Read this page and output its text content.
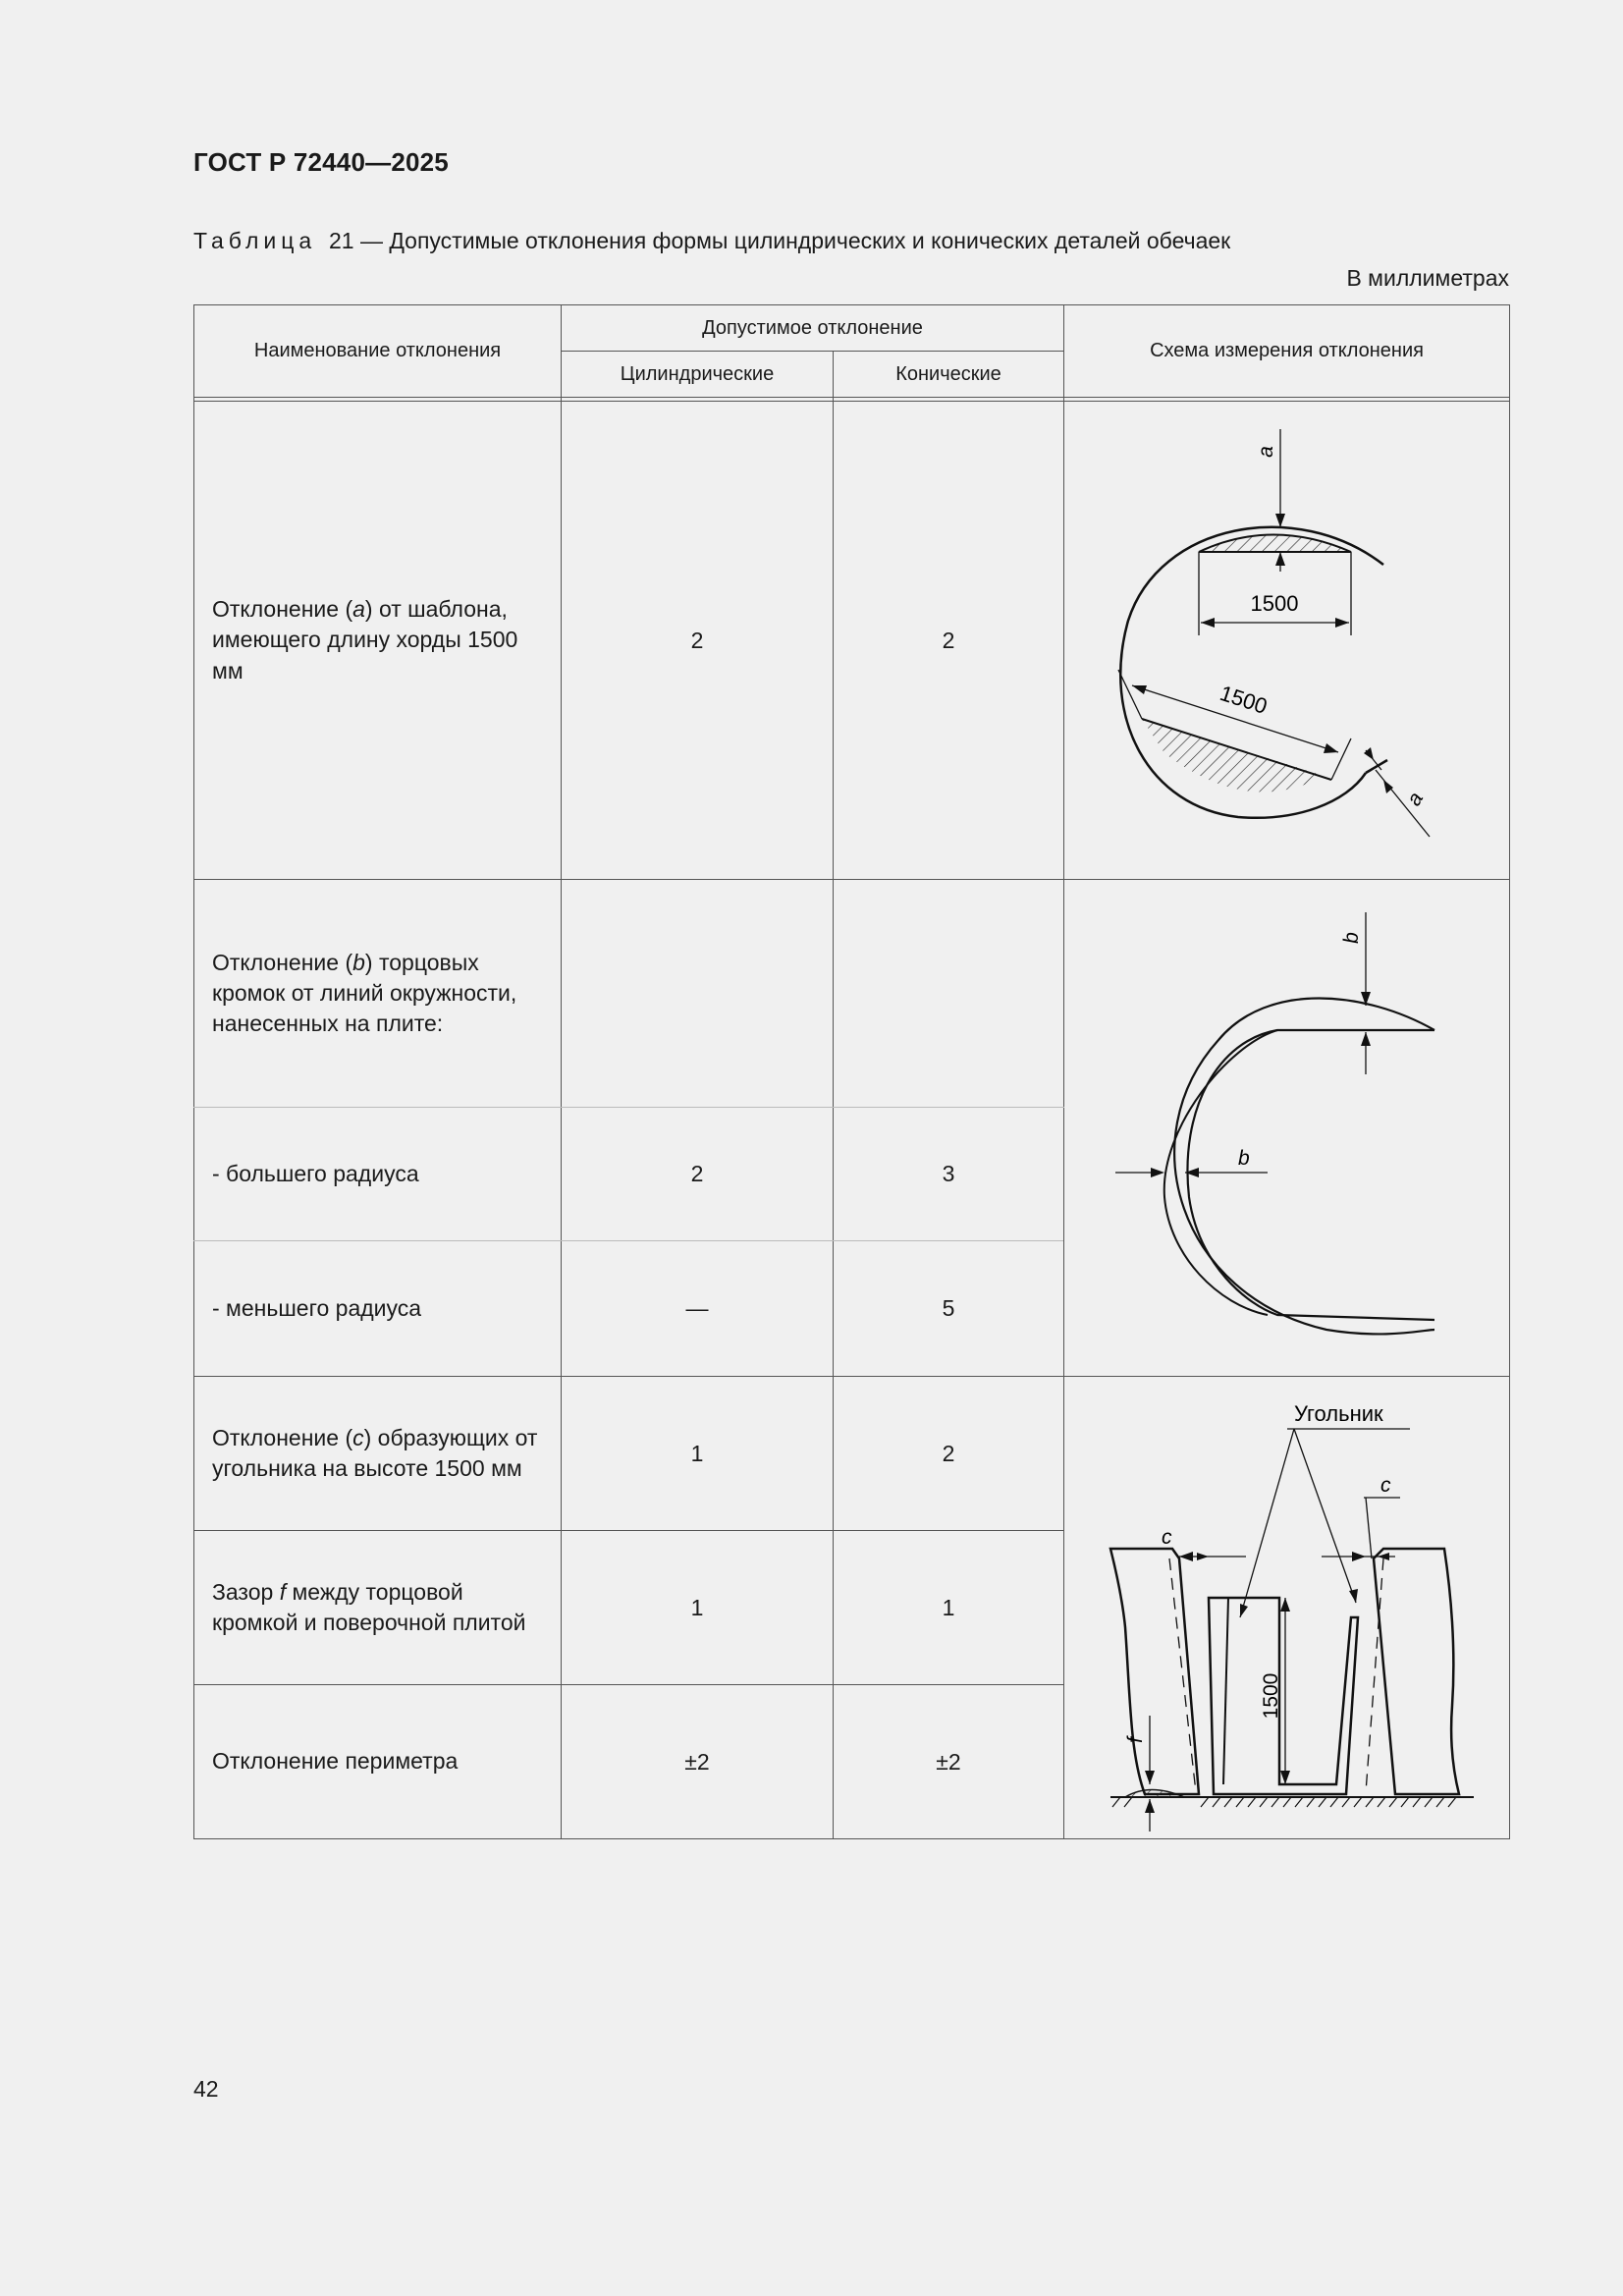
ГОСТ Р 72440—2025
Таблица 21 — Допустимые отклонения формы цилиндрических и конических деталей обечаек
В миллиметрах
Наименование отклонения	Допустимое отклонение		Схема измерения отклонения
	Цилиндрические	Конические	

Отклонение (a) от шаблона, имеющего длину хорды 1500 мм	2	2	1500
a
1500
a

Отклонение (b) торцовых кромок от линий окружности, нанесенных на плите:			b
b

- большего радиуса	2	3	
- меньшего радиуса	—	5	
Отклонение (c) образующих от угольника на высоте 1500 мм	1	2	Угольник
1500
c
c
f

Зазор f между торцовой кромкой и поверочной плитой	1	1	
Отклонение периметра	±2	±2	
42
